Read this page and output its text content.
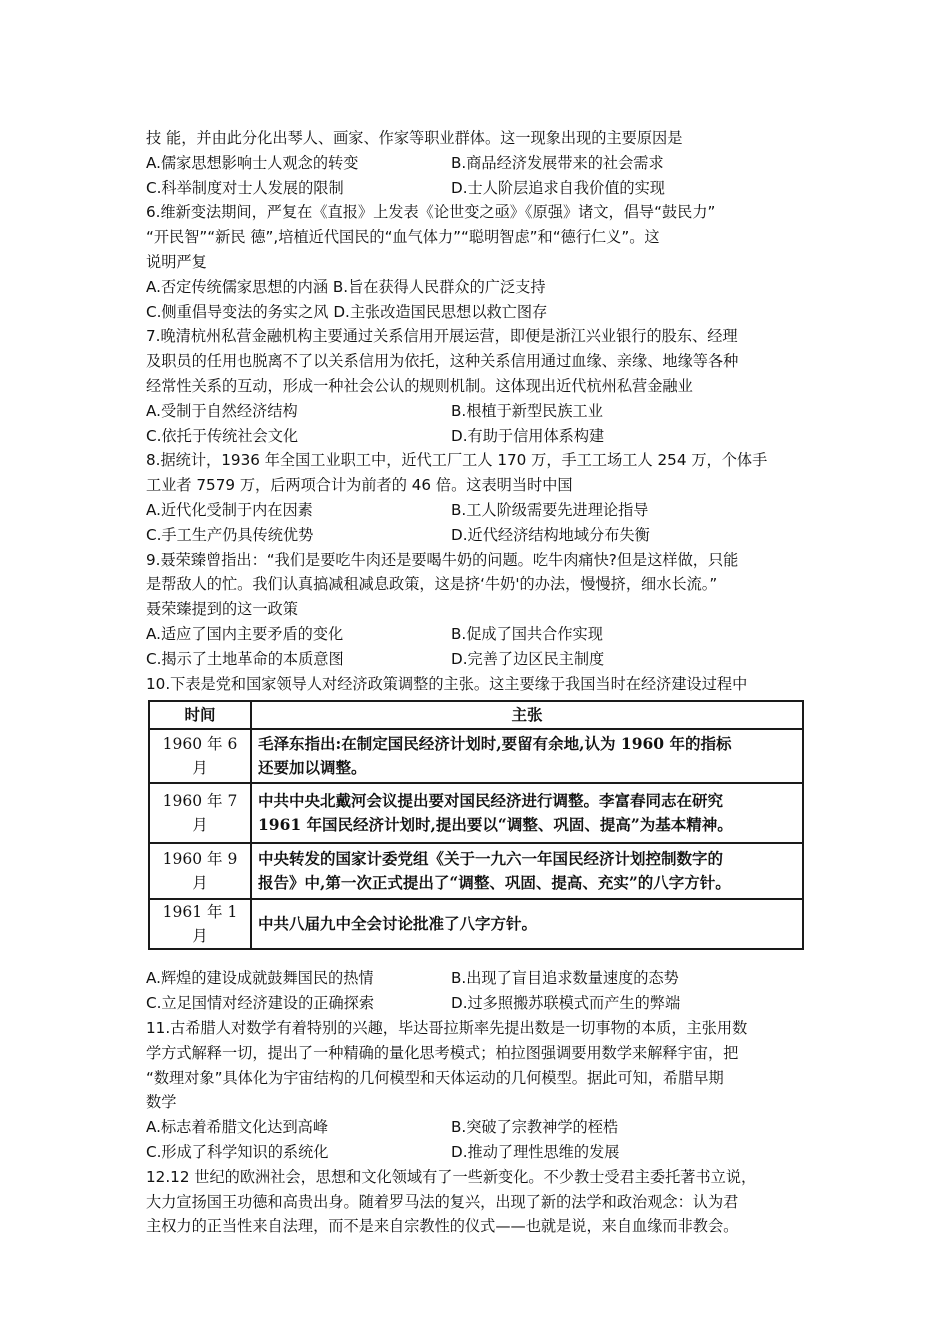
技 能，并由此分化出琴人、画家、作家等职业群体。这一现象出现的主要原因是
A.儒家思想影响士人观念的转变	B.商品经济发展带来的社会需求
C.科举制度对士人发展的限制	D.士人阶层追求自我价值的实现
6.维新变法期间，严复在《直报》上发表《论世变之亟》《原强》诸文，倡导“鼓民力”
“开民智”“新民 德”,培植近代国民的“血气体力”“聪明智虑”和“德行仁义”。这
说明严复
A.否定传统儒家思想的内涵 B.旨在获得人民群众的广泛支持
C.侧重倡导变法的务实之风 D.主张改造国民思想以救亡图存
7.晚清杭州私营金融机构主要通过关系信用开展运营，即便是浙江兴业银行的股东、经理
及职员的任用也脱离不了以关系信用为依托，这种关系信用通过血缘、亲缘、地缘等各种
经常性关系的互动，形成一种社会公认的规则机制。这体现出近代杭州私营金融业
A.受制于自然经济结构	B.根植于新型民族工业
C.依托于传统社会文化	D.有助于信用体系构建
8.据统计，1936 年全国工业职工中，近代工厂工人 170 万，手工工场工人 254 万，个体手
工业者 7579 万，后两项合计为前者的 46 倍。这表明当时中国
A.近代化受制于内在因素	B.工人阶级需要先进理论指导
C.手工生产仍具传统优势	D.近代经济结构地域分布失衡
9.聂荣臻曾指出：“我们是要吃牛肉还是要喝牛奶的问题。吃牛肉痛快?但是这样做，只能
是帮敌人的忙。我们认真搞减租减息政策，这是挤‘牛奶'的办法，慢慢挤，细水长流。”
聂荣臻提到的这一政策
A.适应了国内主要矛盾的变化	B.促成了国共合作实现
C.揭示了土地革命的本质意图	D.完善了边区民主制度
10.下表是党和国家领导人对经济政策调整的主张。这主要缘于我国当时在经济建设过程中
时间	主张
1960 年 6 月	毛泽东指出:在制定国民经济计划时,要留有余地,认为 1960 年的指标
还要加以调整。

1960 年 7 月	中共中央北戴河会议提出要对国民经济进行调整。李富春同志在研究
1961 年国民经济计划时,提出要以“调整、巩固、提高”为基本精神。

1960 年 9 月	中央转发的国家计委党组《关于一九六一年国民经济计划控制数字的
报告》中,第一次正式提出了“调整、巩固、提高、充实”的八字方针。

1961 年 1 月	中共八届九中全会讨论批准了八字方针。
A.辉煌的建设成就鼓舞国民的热情	B.出现了盲目追求数量速度的态势
C.立足国情对经济建设的正确探索	D.过多照搬苏联模式而产生的弊端
11.古希腊人对数学有着特别的兴趣，毕达哥拉斯率先提出数是一切事物的本质，主张用数
学方式解释一切，提出了一种精确的量化思考模式；柏拉图强调要用数学来解释宇宙，把
“数理对象”具体化为宇宙结构的几何模型和天体运动的几何模型。据此可知，希腊早期
数学
A.标志着希腊文化达到高峰	B.突破了宗教神学的桎梏
C.形成了科学知识的系统化	D.推动了理性思维的发展
12.12 世纪的欧洲社会，思想和文化领域有了一些新变化。不少教士受君主委托著书立说，
大力宣扬国王功德和高贵出身。随着罗马法的复兴，出现了新的法学和政治观念：认为君
主权力的正当性来自法理，而不是来自宗教性的仪式——也就是说，来自血缘而非教会。
